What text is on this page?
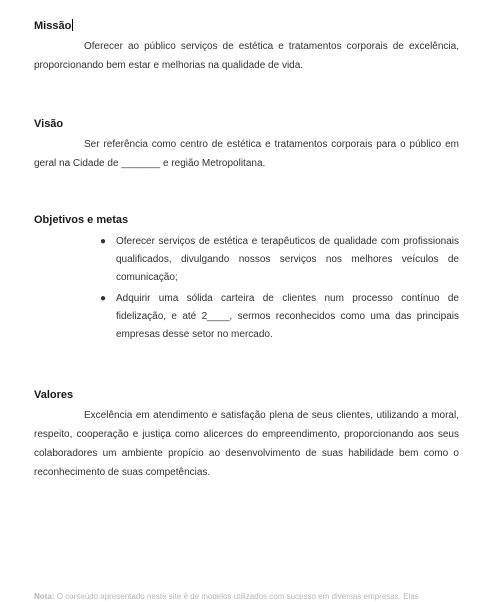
Missão

Oferecer ao público serviços de estética e tratamentos corporais de excelência, proporcionando bem estar e melhorias na qualidade de vida.

Visão

Ser referência como centro de estética e tratamentos corporais para o público em geral na Cidade de _______ e região Metropolitana.

Objetivos e metas
● Oferecer serviços de estética e terapêuticos de qualidade com profissionais qualificados, divulgando nossos serviços nos melhores veículos de comunicação;
● Adquirir uma sólida carteira de clientes num processo contínuo de fidelização, e até 2____, sermos reconhecidos como uma das principais empresas desse setor no mercado.
Valores

Excelência em atendimento e satisfação plena de seus clientes, utilizando a moral, respeito, cooperação e justiça como alicerces do empreendimento, proporcionando aos seus colaboradores um ambiente propício ao desenvolvimento de suas habilidade bem como o reconhecimento de suas competências.

Nota: O conteúdo apresentado neste site é de modelos utilizados com sucesso em diversas empresas. Elas
